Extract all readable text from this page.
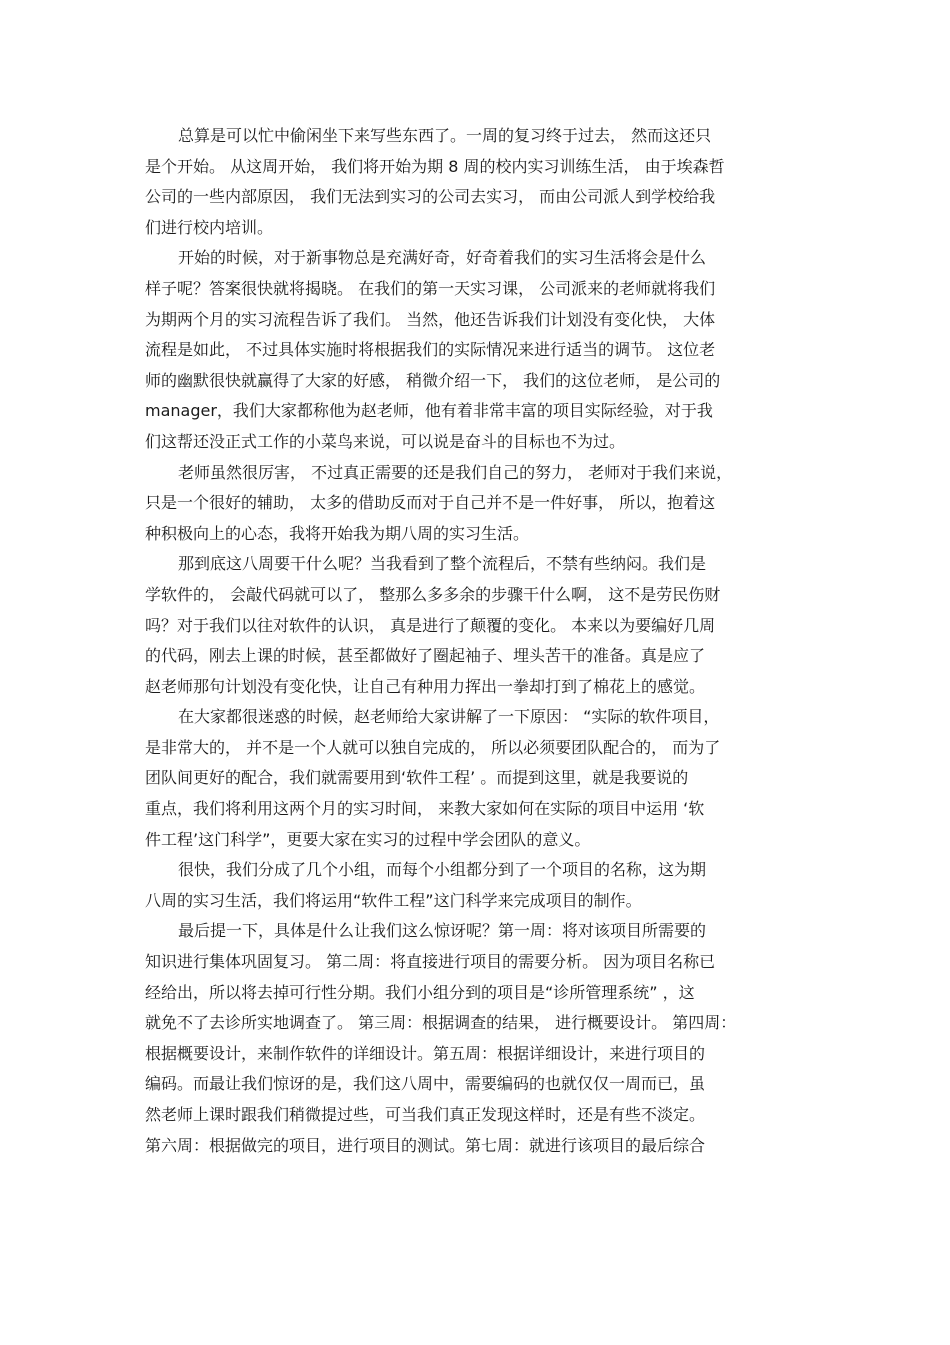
总算是可以忙中偷闲坐下来写些东西了。一周的复习终于过去， 然而这还只
是个开始。 从这周开始， 我们将开始为期 8 周的校内实习训练生活， 由于埃森哲
公司的一些内部原因， 我们无法到实习的公司去实习， 而由公司派人到学校给我
们进行校内培训。
开始的时候，对于新事物总是充满好奇，好奇着我们的实习生活将会是什么
样子呢？答案很快就将揭晓。 在我们的第一天实习课， 公司派来的老师就将我们
为期两个月的实习流程告诉了我们。 当然，他还告诉我们计划没有变化快， 大体
流程是如此， 不过具体实施时将根据我们的实际情况来进行适当的调节。 这位老
师的幽默很快就赢得了大家的好感， 稍微介绍一下， 我们的这位老师， 是公司的
manager，我们大家都称他为赵老师，他有着非常丰富的项目实际经验，对于我
们这帮还没正式工作的小菜鸟来说，可以说是奋斗的目标也不为过。
老师虽然很厉害， 不过真正需要的还是我们自己的努力， 老师对于我们来说，
只是一个很好的辅助， 太多的借助反而对于自己并不是一件好事， 所以，抱着这
种积极向上的心态，我将开始我为期八周的实习生活。
那到底这八周要干什么呢？当我看到了整个流程后，不禁有些纳闷。我们是
学软件的， 会敲代码就可以了， 整那么多多余的步骤干什么啊， 这不是劳民伤财
吗？对于我们以往对软件的认识， 真是进行了颠覆的变化。 本来以为要编好几周
的代码，刚去上课的时候，甚至都做好了圈起袖子、埋头苦干的准备。真是应了
赵老师那句计划没有变化快，让自己有种用力挥出一拳却打到了棉花上的感觉。
在大家都很迷惑的时候，赵老师给大家讲解了一下原因： “实际的软件项目，
是非常大的， 并不是一个人就可以独自完成的， 所以必须要团队配合的， 而为了
团队间更好的配合，我们就需要用到‘软件工程’ 。而提到这里，就是我要说的
重点，我们将利用这两个月的实习时间， 来教大家如何在实际的项目中运用 ‘软
件工程’这门科学”，更要大家在实习的过程中学会团队的意义。
很快，我们分成了几个小组，而每个小组都分到了一个项目的名称，这为期
八周的实习生活，我们将运用“软件工程”这门科学来完成项目的制作。
最后提一下，具体是什么让我们这么惊讶呢？第一周：将对该项目所需要的
知识进行集体巩固复习。 第二周：将直接进行项目的需要分析。 因为项目名称已
经给出，所以将去掉可行性分期。我们小组分到的项目是“诊所管理系统” ，这
就免不了去诊所实地调查了。 第三周：根据调查的结果， 进行概要设计。 第四周：
根据概要设计，来制作软件的详细设计。第五周：根据详细设计，来进行项目的
编码。而最让我们惊讶的是，我们这八周中，需要编码的也就仅仅一周而已，虽
然老师上课时跟我们稍微提过些，可当我们真正发现这样时，还是有些不淡定。
第六周：根据做完的项目，进行项目的测试。第七周：就进行该项目的最后综合
